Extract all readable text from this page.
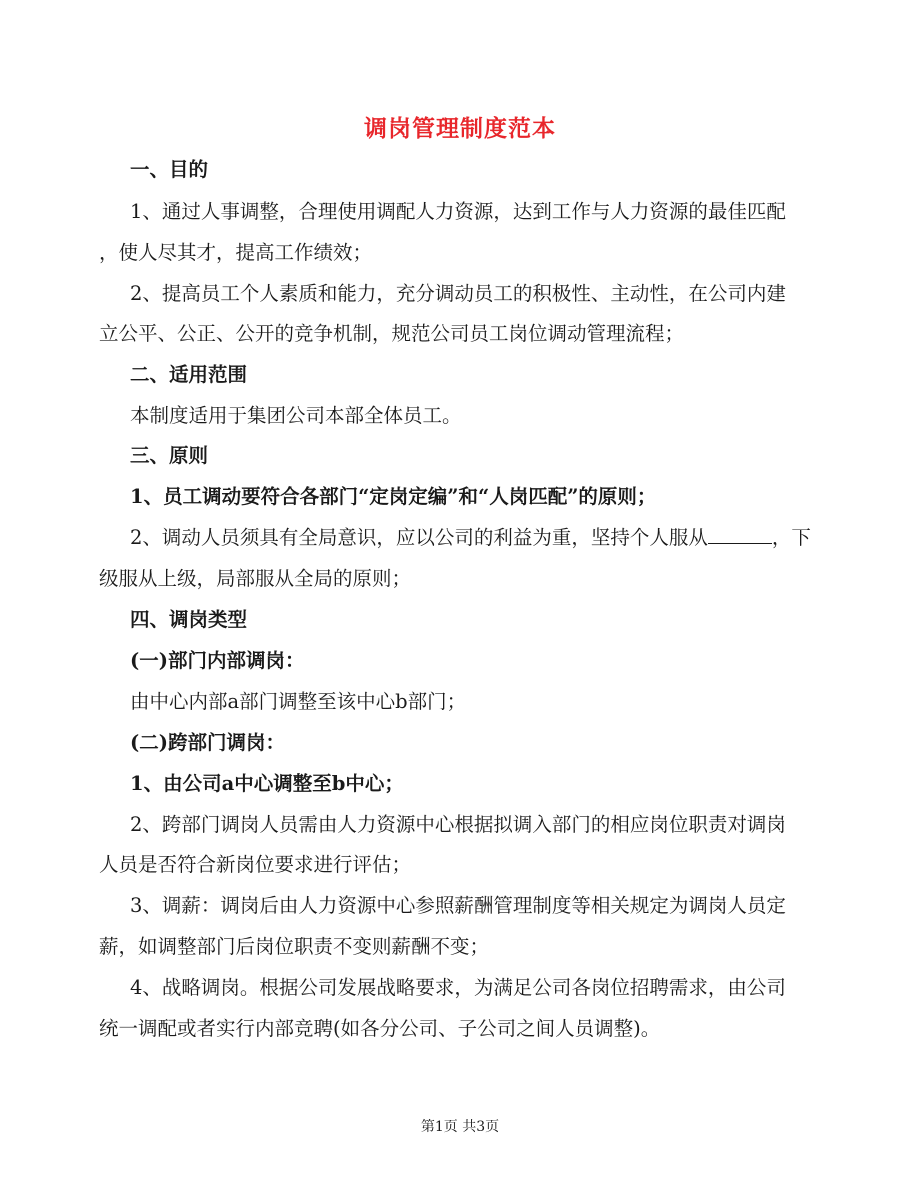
调岗管理制度范本
一、目的
1、通过人事调整，合理使用调配人力资源，达到工作与人力资源的最佳匹配
，使人尽其才，提高工作绩效；
2、提高员工个人素质和能力，充分调动员工的积极性、主动性，在公司内建
立公平、公正、公开的竞争机制，规范公司员工岗位调动管理流程；
二、适用范围
本制度适用于集团公司本部全体员工。
三、原则
1、员工调动要符合各部门“定岗定编”和“人岗匹配”的原则；
2、调动人员须具有全局意识，应以公司的利益为重，坚持个人服从	，下
级服从上级，局部服从全局的原则；
四、调岗类型
(一)部门内部调岗：
由中心内部a部门调整至该中心b部门；
(二)跨部门调岗：
1、由公司a中心调整至b中心；
2、跨部门调岗人员需由人力资源中心根据拟调入部门的相应岗位职责对调岗
人员是否符合新岗位要求进行评估；
3、调薪：调岗后由人力资源中心参照薪酬管理制度等相关规定为调岗人员定
薪，如调整部门后岗位职责不变则薪酬不变；
4、战略调岗。根据公司发展战略要求，为满足公司各岗位招聘需求，由公司
统一调配或者实行内部竞聘(如各分公司、子公司之间人员调整)。
第1页 共3页
